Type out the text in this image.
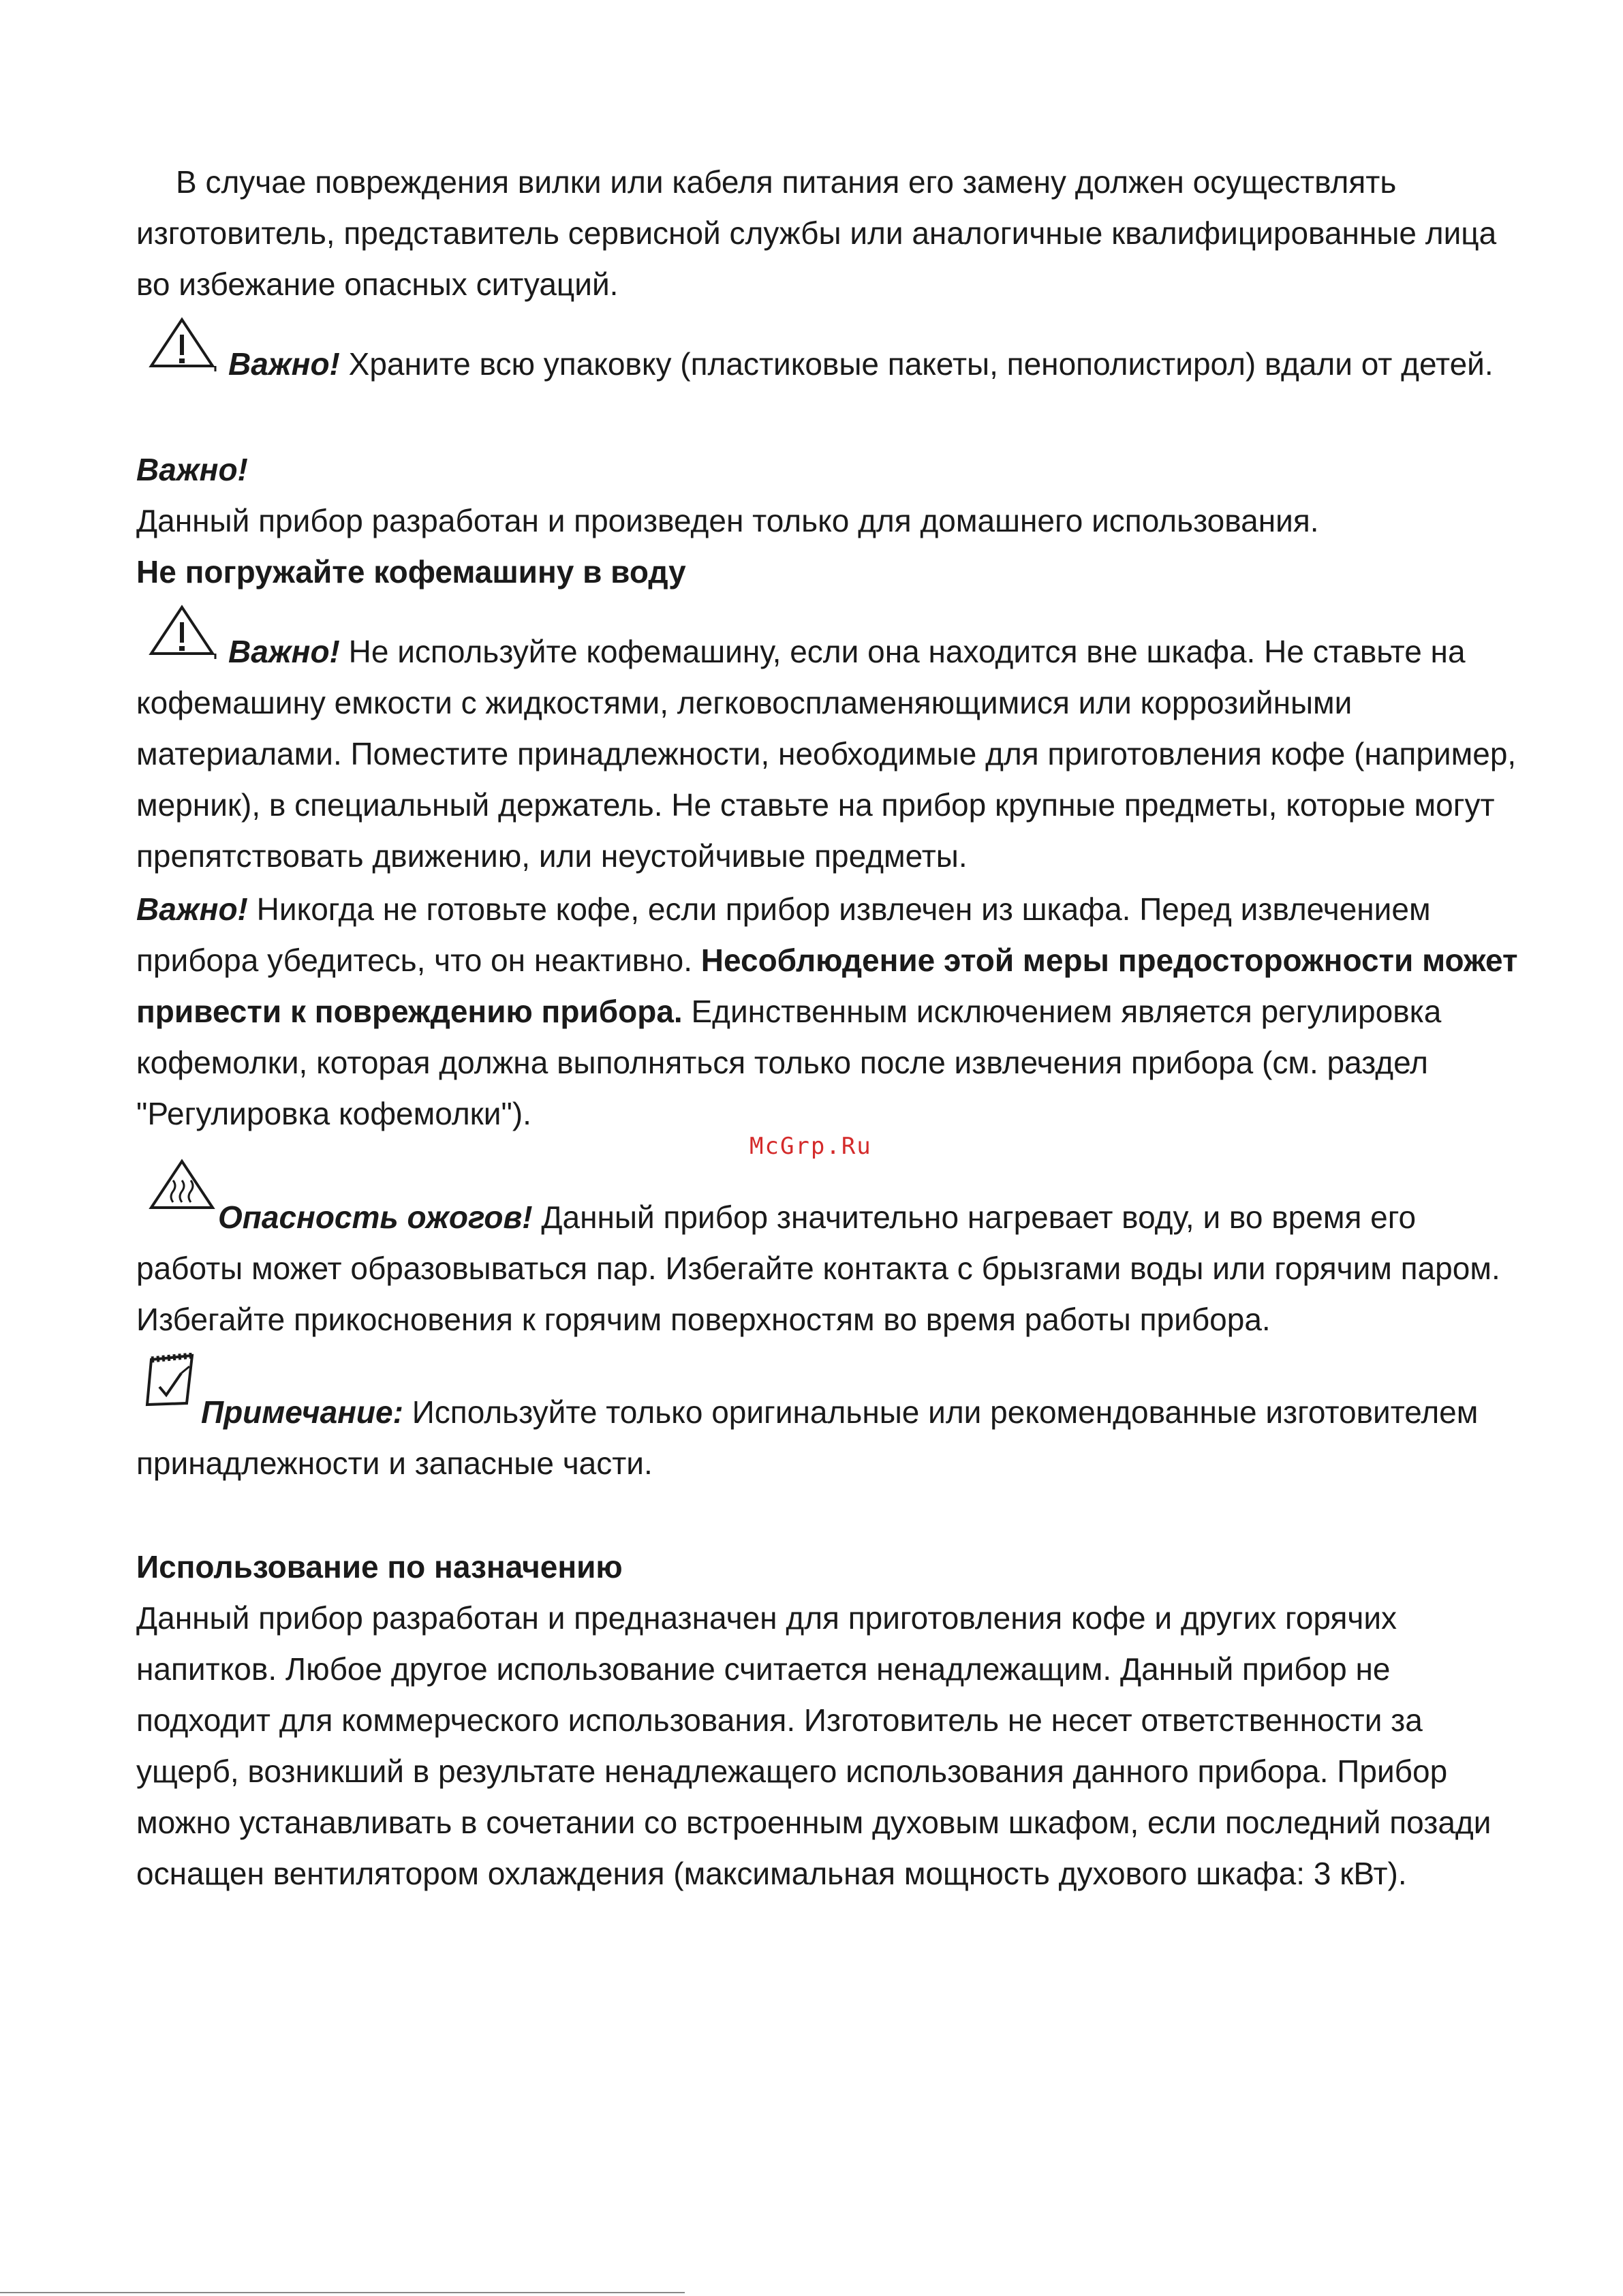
В случае повреждения вилки или кабеля питания его замену должен осуществлять изготовитель, представитель сервисной службы или аналогичные квалифицированные лица во избежание опасных ситуаций.

Важно! Храните всю упаковку (пластиковые пакеты, пенополистирол) вдали от детей.

Важно!

Данный прибор разработан и произведен только для домашнего использования.

Не погружайте кофемашину в воду

Важно! Не используйте кофемашину, если она находится вне шкафа. Не ставьте на кофемашину емкости с жидкостями, легковоспламеняющимися или коррозийными материалами. Поместите принадлежности, необходимые для приготовления кофе (например, мерник), в специальный держатель. Не ставьте на прибор крупные предметы, которые могут препятствовать движению, или неустойчивые предметы.

Важно! Никогда не готовьте кофе, если прибор извлечен из шкафа. Перед извлечением прибора убедитесь, что он неактивно. Несоблюдение этой меры предосторожности может привести к повреждению прибора. Единственным исключением является регулировка кофемолки, которая должна выполняться только после извлечения прибора (см. раздел "Регулировка кофемолки").

McGrp.Ru

Опасность ожогов! Данный прибор значительно нагревает воду, и во время его работы может образовываться пар. Избегайте контакта с брызгами воды или горячим паром. Избегайте прикосновения к горячим поверхностям во время работы прибора.

Примечание: Используйте только оригинальные или рекомендованные изготовителем принадлежности и запасные части.

Использование по назначению

Данный прибор разработан и предназначен для приготовления кофе и других горячих напитков. Любое другое использование считается ненадлежащим. Данный прибор не подходит для коммерческого использования. Изготовитель не несет ответственности за ущерб, возникший в результате ненадлежащего использования данного прибора. Прибор можно устанавливать в сочетании со встроенным духовым шкафом, если последний позади оснащен вентилятором охлаждения (максимальная мощность духового шкафа: 3 кВт).
